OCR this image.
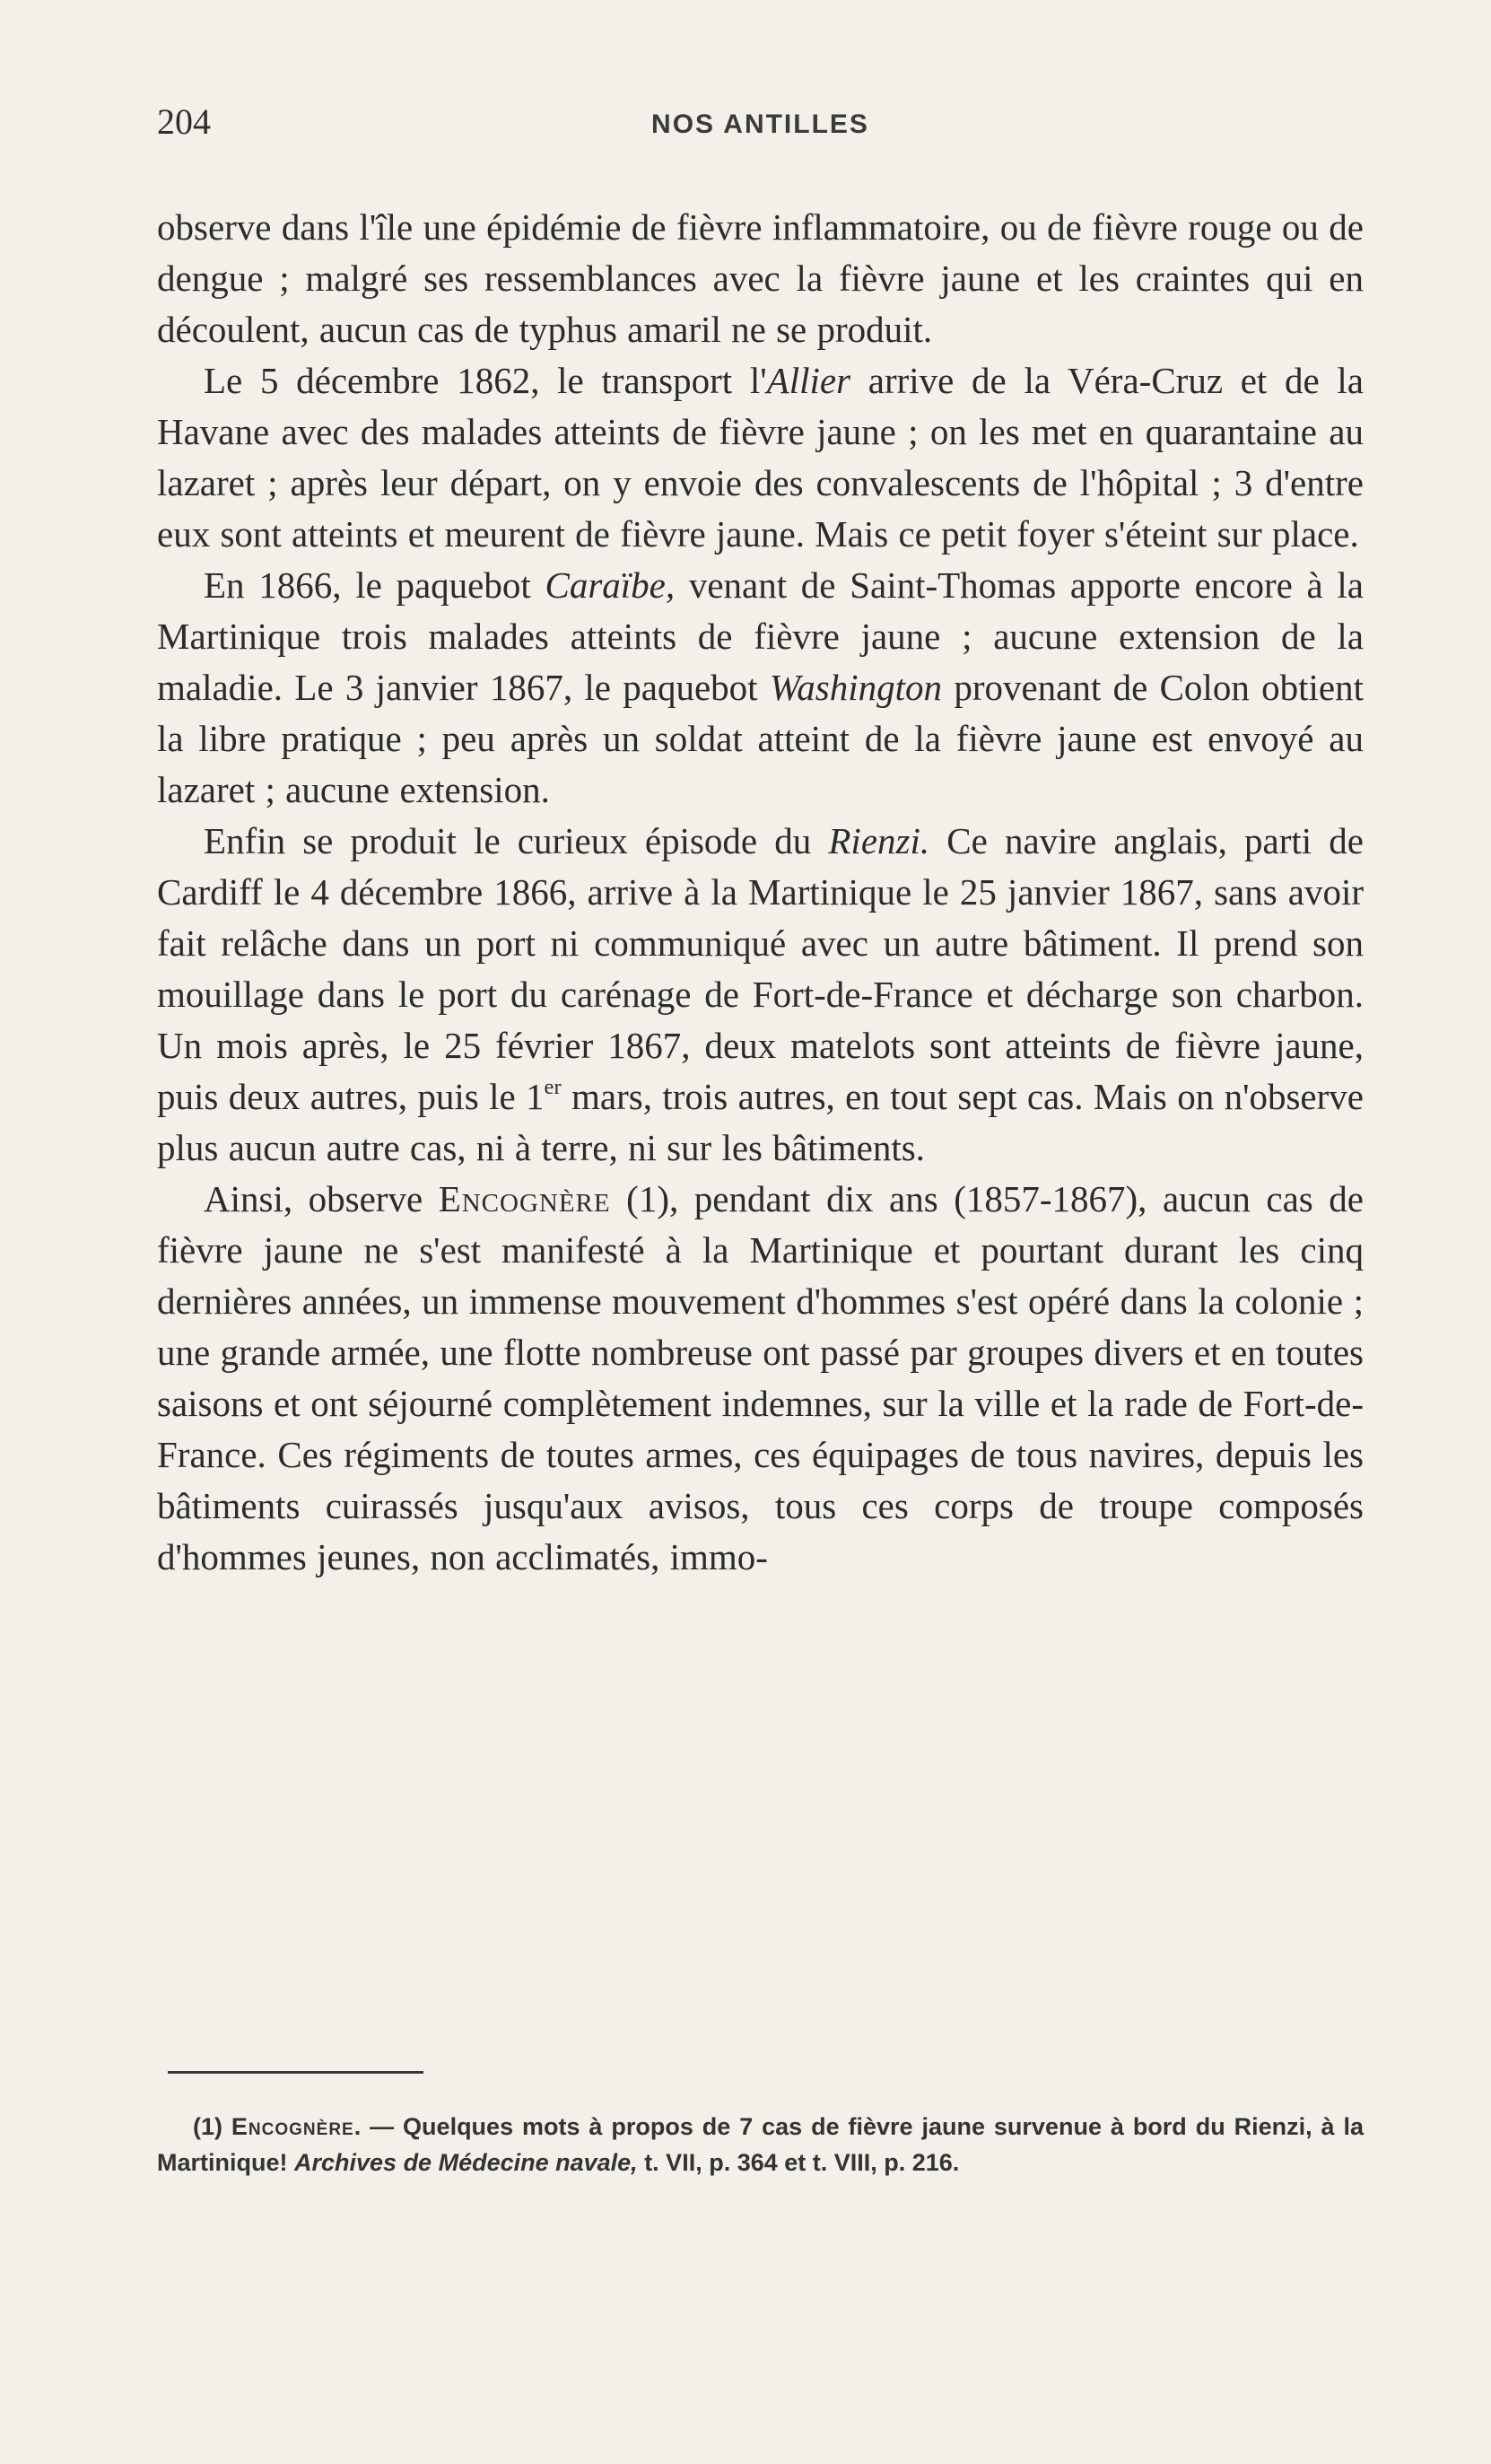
204	NOS ANTILLES

observe dans l'île une épidémie de fièvre inflammatoire, ou de fièvre rouge ou de dengue ; malgré ses ressemblances avec la fièvre jaune et les craintes qui en découlent, aucun cas de typhus amaril ne se produit.

Le 5 décembre 1862, le transport l'Allier arrive de la Véra-Cruz et de la Havane avec des malades atteints de fièvre jaune ; on les met en quarantaine au lazaret ; après leur départ, on y envoie des convalescents de l'hôpital ; 3 d'entre eux sont atteints et meurent de fièvre jaune. Mais ce petit foyer s'éteint sur place.

En 1866, le paquebot Caraïbe, venant de Saint-Thomas apporte encore à la Martinique trois malades atteints de fièvre jaune ; aucune extension de la maladie. Le 3 janvier 1867, le paquebot Washington provenant de Colon obtient la libre pratique ; peu après un soldat atteint de la fièvre jaune est envoyé au lazaret ; aucune extension.

Enfin se produit le curieux épisode du Rienzi. Ce navire anglais, parti de Cardiff le 4 décembre 1866, arrive à la Martinique le 25 janvier 1867, sans avoir fait relâche dans un port ni communiqué avec un autre bâtiment. Il prend son mouillage dans le port du carénage de Fort-de-France et décharge son charbon. Un mois après, le 25 février 1867, deux matelots sont atteints de fièvre jaune, puis deux autres, puis le 1er mars, trois autres, en tout sept cas. Mais on n'observe plus aucun autre cas, ni à terre, ni sur les bâtiments.

Ainsi, observe Encognère (1), pendant dix ans (1857-1867), aucun cas de fièvre jaune ne s'est manifesté à la Martinique et pourtant durant les cinq dernières années, un immense mouvement d'hommes s'est opéré dans la colonie ; une grande armée, une flotte nombreuse ont passé par groupes divers et en toutes saisons et ont séjourné complètement indemnes, sur la ville et la rade de Fort-de-France. Ces régiments de toutes armes, ces équipages de tous navires, depuis les bâtiments cuirassés jusqu'aux avisos, tous ces corps de troupe composés d'hommes jeunes, non acclimatés, immo-

(1) Encognère. — Quelques mots à propos de 7 cas de fièvre jaune survenue à bord du Rienzi, à la Martinique! Archives de Médecine navale, t. VII, p. 364 et t. VIII, p. 216.
